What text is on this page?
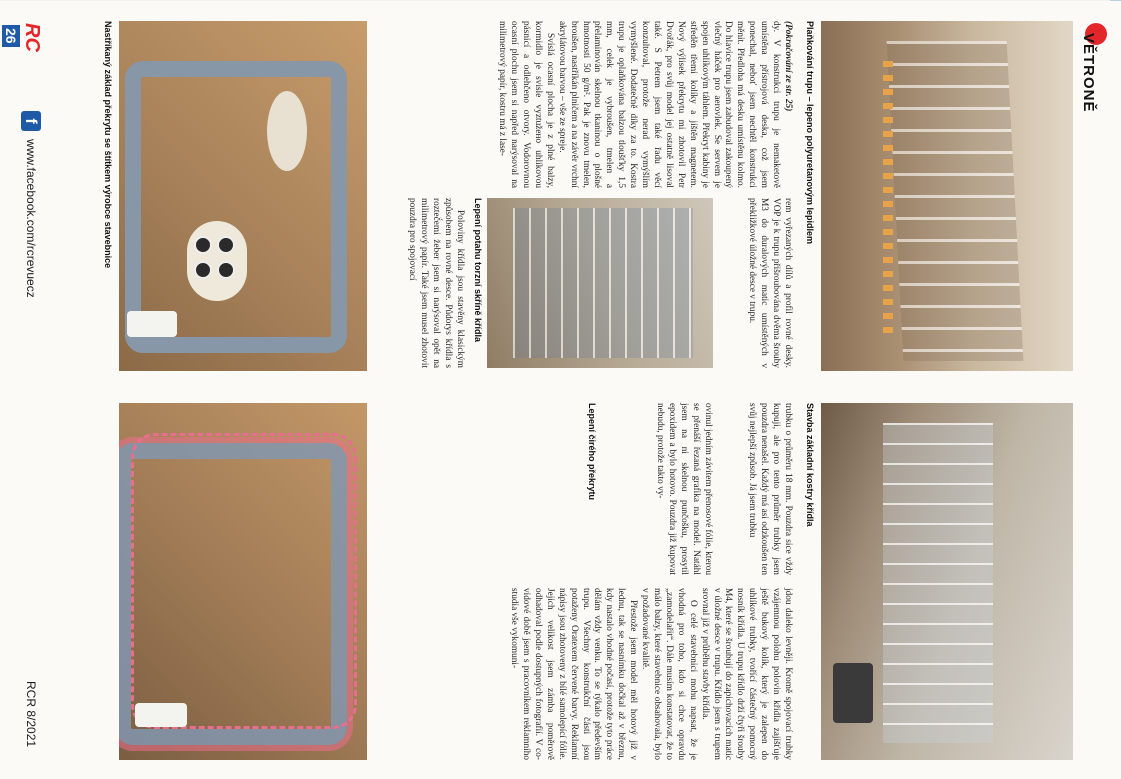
VĚTRONĚ
Plaňkování trupu – lepeno polyuretanovým lepidlem
Stavba základní kostry křídla

(Pokračování ze str. 25)

dy. V konstrukci trupu je nemaketově umístěna přístrojová deska, což jsem ponechal, neboť jsem nechtěl konstrukci měnit. Předloha má desku umístěnu kolmo. Do hlavice trupu jsem zabudoval zakoupený vlečný háček pro aerovlek. Se servem je spojen uhlíkovým táhlem. Překryt kabiny je středěn třemi kolíky a jištěn magnetem. Nový výlisek překrytu mi zhotovil Petr Dvořák, pro svůj model jej ostatně lisoval také. S Petrem jsem také řadu věcí konzultoval, protože nerad vymýšlím vymyšlené. Dodatečně díky za to. Kostra trupu je oplaňkována balzou tloušťky 1,5 mm, celek je vybroušen, tmelen a přelaminován skelnou tkaninou o plošné hmotnosti 50 g/m². Pak je znovu tmelen, broušen, nastříkán plničem a na závěr vrchní akrylátovou barvou – vše ze spreje.

Svislá ocasní plocha je z plné balzy, kormidlo je svisle vyztužено uhlíkovou pásnicí a odlehčeno otvory. Vodorovnou ocasní plochu jsem si napřed narýsoval na milimetrový papír, kostru má z lasе-

rem vyřezaných dílů a profil rovné desky. VOP je k trupu přišroubována dvěma šrouby M3 do duralových matic umístěných v překližkové úložné desce v trupu.

Lepení potahu torzní skříně křídla

Polovinу křídla jsou stavěny klasickým způsobem na rovné desce. Půdorys křídla s rozteč́emi žeber jsem si narýsoval opět na milimetrový papír. Také jsem musel zhotovit pouzdra pro spojovací

trubku o průměru 18 mm. Pouzdra sice vždy kupuji, ale pro tento průměr trubky jsem pouzdra nenašel. Každý má asi odzkoušen ten svůj nejlepší způsob. Já jsem trubku

ovinul jedním závitem přenosové fólie, kterou se přenáší řezaná grafika na model. Natáhl jsem na ni skelnou punčošku, prosytil epoxidem a bylo hotovo. Pouzdra již kupovat nebudu, protože takto vy-

Lepení čirého překrytu

jdou daleko levněji. Kromě spojovací trubky vzájemnou polohu polovin křídla zajišťuje ještě bukový kolík, který je zalepen do uhlíkové trubky, tvořící částečný pomocný nosník křídla. U trupu křídlo drží čtyři šrouby M4, které se šroubují do zapichovacích matic v úložné desce v trupu. Křídlo jsem s trupem srovnal již v průběhu stavby křídla.

O celé stavebnici mohu napsat, že je vhodná pro toho, kdo si chce opravdu „zamodelařit“. Dále musím konstatovat, že to málo balzy, které stavebnice obsahovala, bylo v požadované kvalitě.

Přestože jsem model měl hotový již v lednu, tak se nasnímku dočkal až v březnu, kdy nastalo vhodné počasí, protože tyto práce dělám vždy venku. To se týkalo především trupu. Všechny konstrukční části jsou potaženy Oratexem červené barvy. Reklamní nápisy jsou zhotoveny z bílé samolepící fólie. Jejich velikost jsem zámba poměrově odhadoval podle dostupných fotografií. V co-vidové době jsem s pracovníkem reklamního studia vše vykomuni-

Nastříkaný základ překrytu se štítkem výrobce stavebnice
RC 26
f
www.facebook.com/rcrevuecz
RCR 8/2021
